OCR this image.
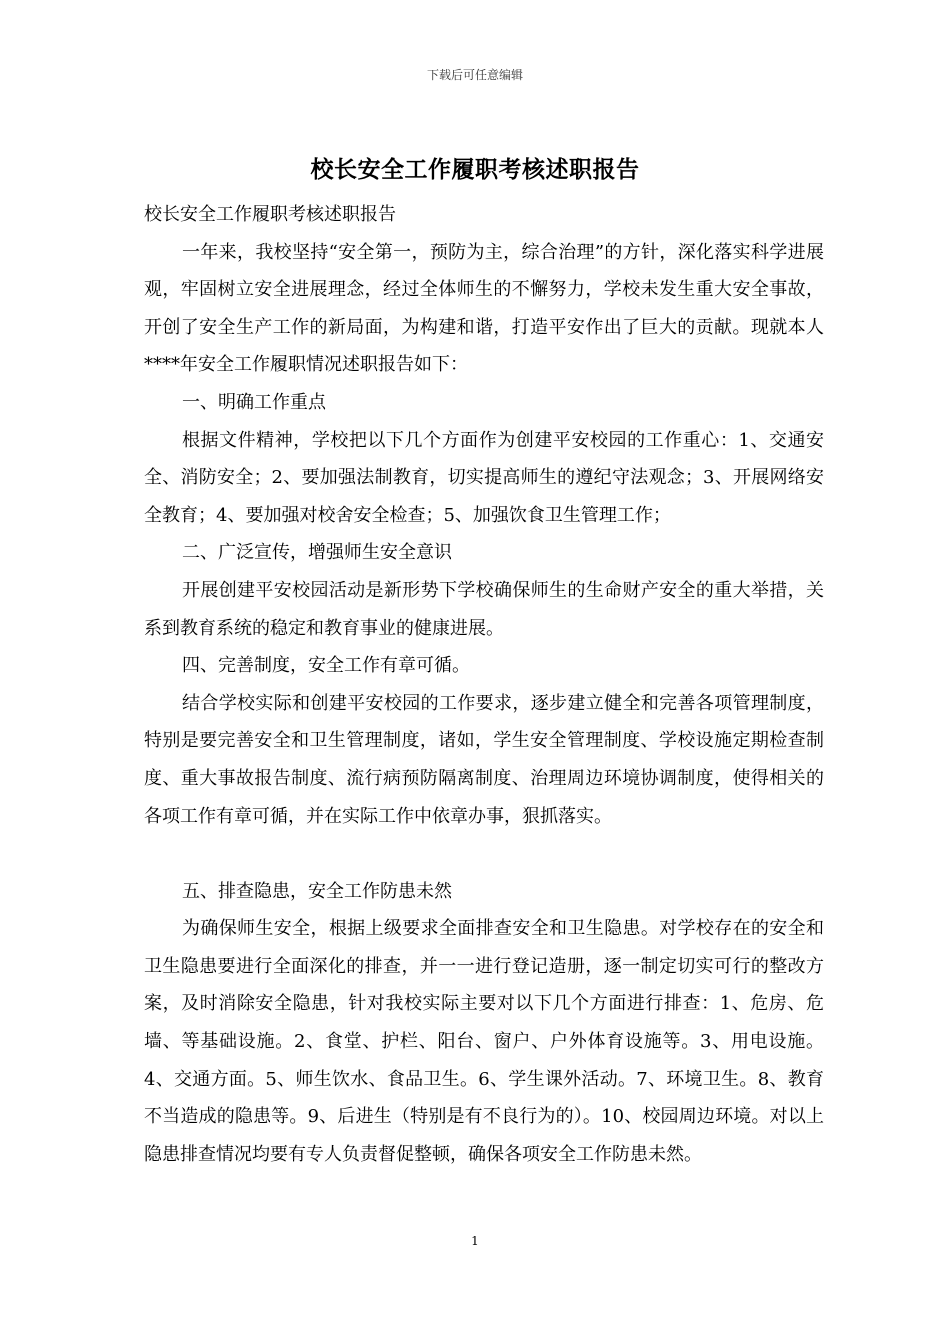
下载后可任意编辑
校长安全工作履职考核述职报告

校长安全工作履职考核述职报告

一年来，我校坚持“安全第一，预防为主，综合治理”的方针，深化落实科学进展观，牢固树立安全进展理念，经过全体师生的不懈努力，学校未发生重大安全事故，开创了安全生产工作的新局面，为构建和谐，打造平安作出了巨大的贡献。现就本人****年安全工作履职情况述职报告如下：

一、明确工作重点

根据文件精神，学校把以下几个方面作为创建平安校园的工作重心：1、交通安全、消防安全；2、要加强法制教育，切实提高师生的遵纪守法观念；3、开展网络安全教育；4、要加强对校舍安全检查；5、加强饮食卫生管理工作；

二、广泛宣传，增强师生安全意识

开展创建平安校园活动是新形势下学校确保师生的生命财产安全的重大举措，关系到教育系统的稳定和教育事业的健康进展。

四、完善制度，安全工作有章可循。

结合学校实际和创建平安校园的工作要求，逐步建立健全和完善各项管理制度，特别是要完善安全和卫生管理制度，诸如，学生安全管理制度、学校设施定期检查制度、重大事故报告制度、流行病预防隔离制度、治理周边环境协调制度，使得相关的各项工作有章可循，并在实际工作中依章办事，狠抓落实。

五、排查隐患，安全工作防患未然

为确保师生安全，根据上级要求全面排查安全和卫生隐患。对学校存在的安全和卫生隐患要进行全面深化的排查，并一一进行登记造册，逐一制定切实可行的整改方案，及时消除安全隐患，针对我校实际主要对以下几个方面进行排查：1、危房、危墙、等基础设施。2、食堂、护栏、阳台、窗户、户外体育设施等。3、用电设施。4、交通方面。5、师生饮水、食品卫生。6、学生课外活动。7、环境卫生。8、教育不当造成的隐患等。9、后进生（特别是有不良行为的）。10、校园周边环境。对以上隐患排查情况均要有专人负责督促整顿，确保各项安全工作防患未然。

1
